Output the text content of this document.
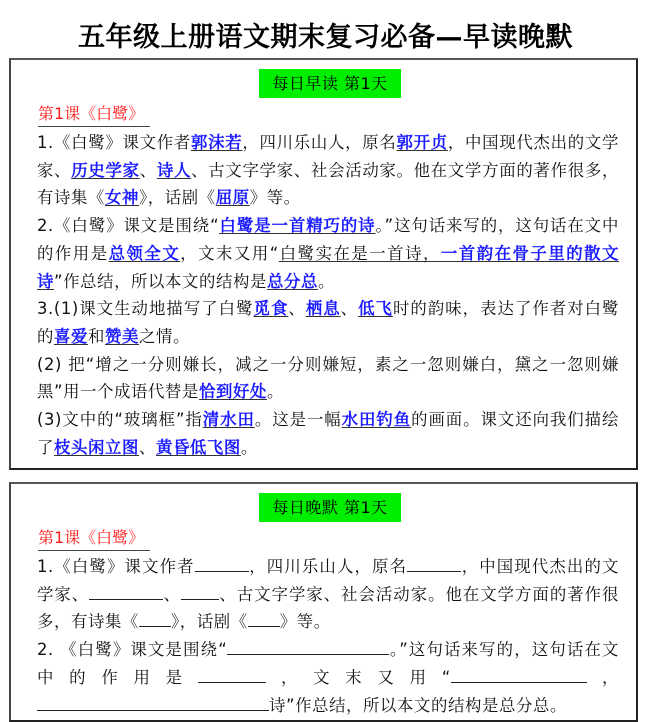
五年级上册语文期末复习必备—早读晚默
每日早读 第1天
第1课《白鹭》

1.《白鹭》课文作者郭沫若，四川乐山人，原名郭开贞，中国现代杰出的文学家、历史学家、诗人、古文字学家、社会活动家。他在文学方面的著作很多，有诗集《女神》，话剧《屈原》等。

2.《白鹭》课文是围绕“白鹭是一首精巧的诗。”这句话来写的，这句话在文中的作用是总领全文，文末又用“白鹭实在是一首诗，一首韵在骨子里的散文诗”作总结，所以本文的结构是总分总。

3.(1)课文生动地描写了白鹭觅食、栖息、低飞时的韵味，表达了作者对白鹭的喜爱和赞美之情。

(2) 把“增之一分则嫌长，减之一分则嫌短，素之一忽则嫌白，黛之一忽则嫌黑”用一个成语代替是恰到好处。

(3)文中的“玻璃框”指清水田。这是一幅水田钓鱼的画面。课文还向我们描绘了枝头闲立图、黄昏低飞图。

每日晚默 第1天
第1课《白鹭》

1.《白鹭》课文作者	，四川乐山人，原名	，中国现代杰出的文学家、	、 、古文字学家、社会活动家。他在文学方面的著作很多，有诗集《 》，话剧《 》等。

2. 《白鹭》课文是围绕“	。”这句话来写的，这句话在文中的作用是	，文末又用“	，诗”作总结，所以本文的结构是总分总。
